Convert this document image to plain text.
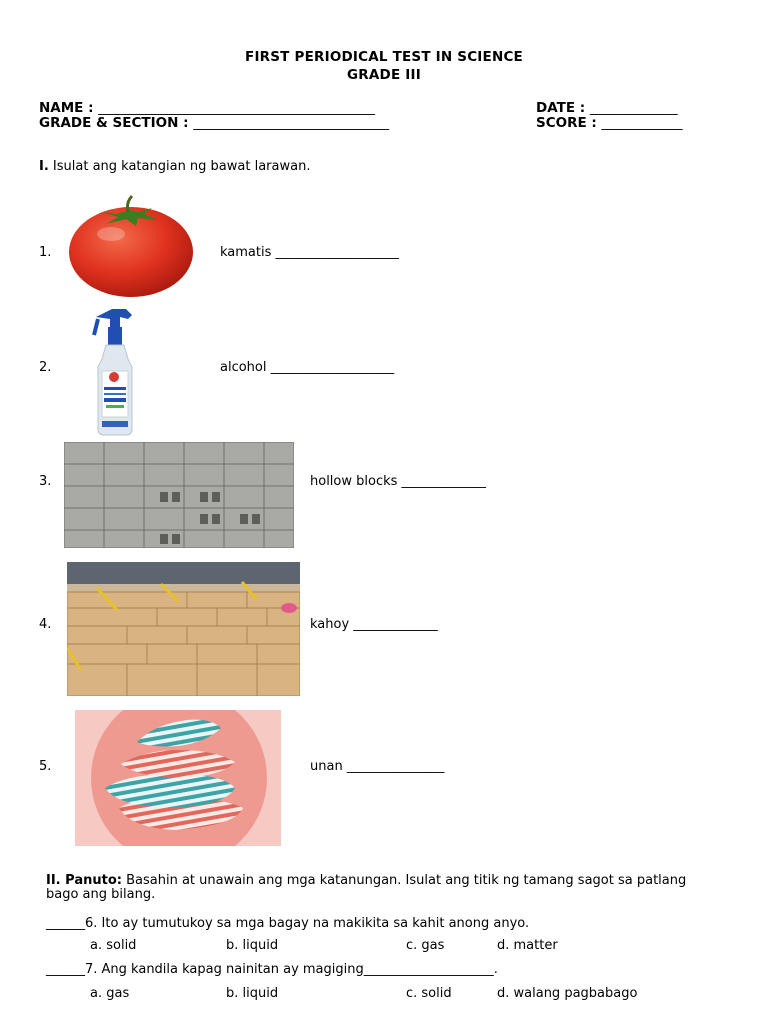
FIRST PERIODICAL TEST IN SCIENCE
GRADE III
NAME : _________________________________________	DATE : _____________
GRADE & SECTION : _____________________________	SCORE : ____________
I. Isulat ang katangian ng bawat larawan.
1.	kamatis ___________________
2.	alcohol ___________________
3.	hollow blocks _____________
4.	kahoy _____________
5.	unan _______________
II. Panuto: Basahin at unawain ang mga katanungan. Isulat ang titik ng tamang sagot sa patlang
bago ang bilang.
______6. Ito ay tumutukoy sa mga bagay na makikita sa kahit anong anyo.
a. solid	b. liquid	c. gas	d. matter
______7. Ang kandila kapag nainitan ay magiging____________________.
a. gas	b. liquid	c. solid	d. walang pagbabago
